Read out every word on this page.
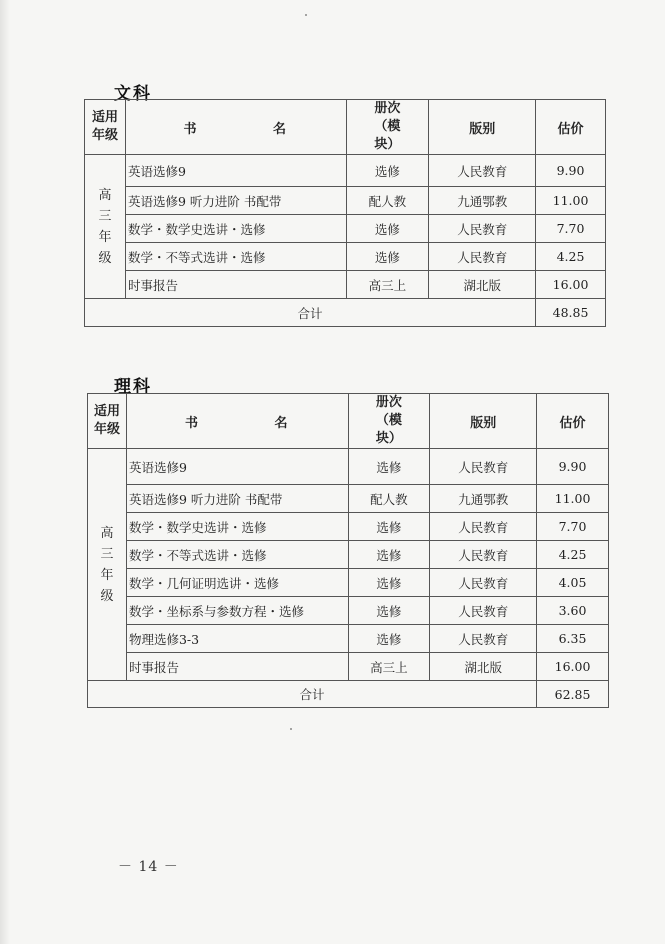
文科
适用年级	书 名	册次（模块）	版别	估价

高
三
年
级	英语选修9	选修	人民教育	9.90
	英语选修9 听力进阶 书配带	配人教	九通鄂教	11.00
	数学・数学史选讲・选修	选修	人民教育	7.70
	数学・不等式选讲・选修	选修	人民教育	4.25
	时事报告	高三上	湖北版	16.00
合计				48.85
理科
适用年级	书 名	册次（模块）	版别	估价

高
三
年
级	英语选修9	选修	人民教育	9.90
	英语选修9 听力进阶 书配带	配人教	九通鄂教	11.00
	数学・数学史选讲・选修	选修	人民教育	7.70
	数学・不等式选讲・选修	选修	人民教育	4.25
	数学・几何证明选讲・选修	选修	人民教育	4.05
	数学・坐标系与参数方程・选修	选修	人民教育	3.60
	物理选修3-3	选修	人民教育	6.35
	时事报告	高三上	湖北版	16.00
合计				62.85
－ 14 －
